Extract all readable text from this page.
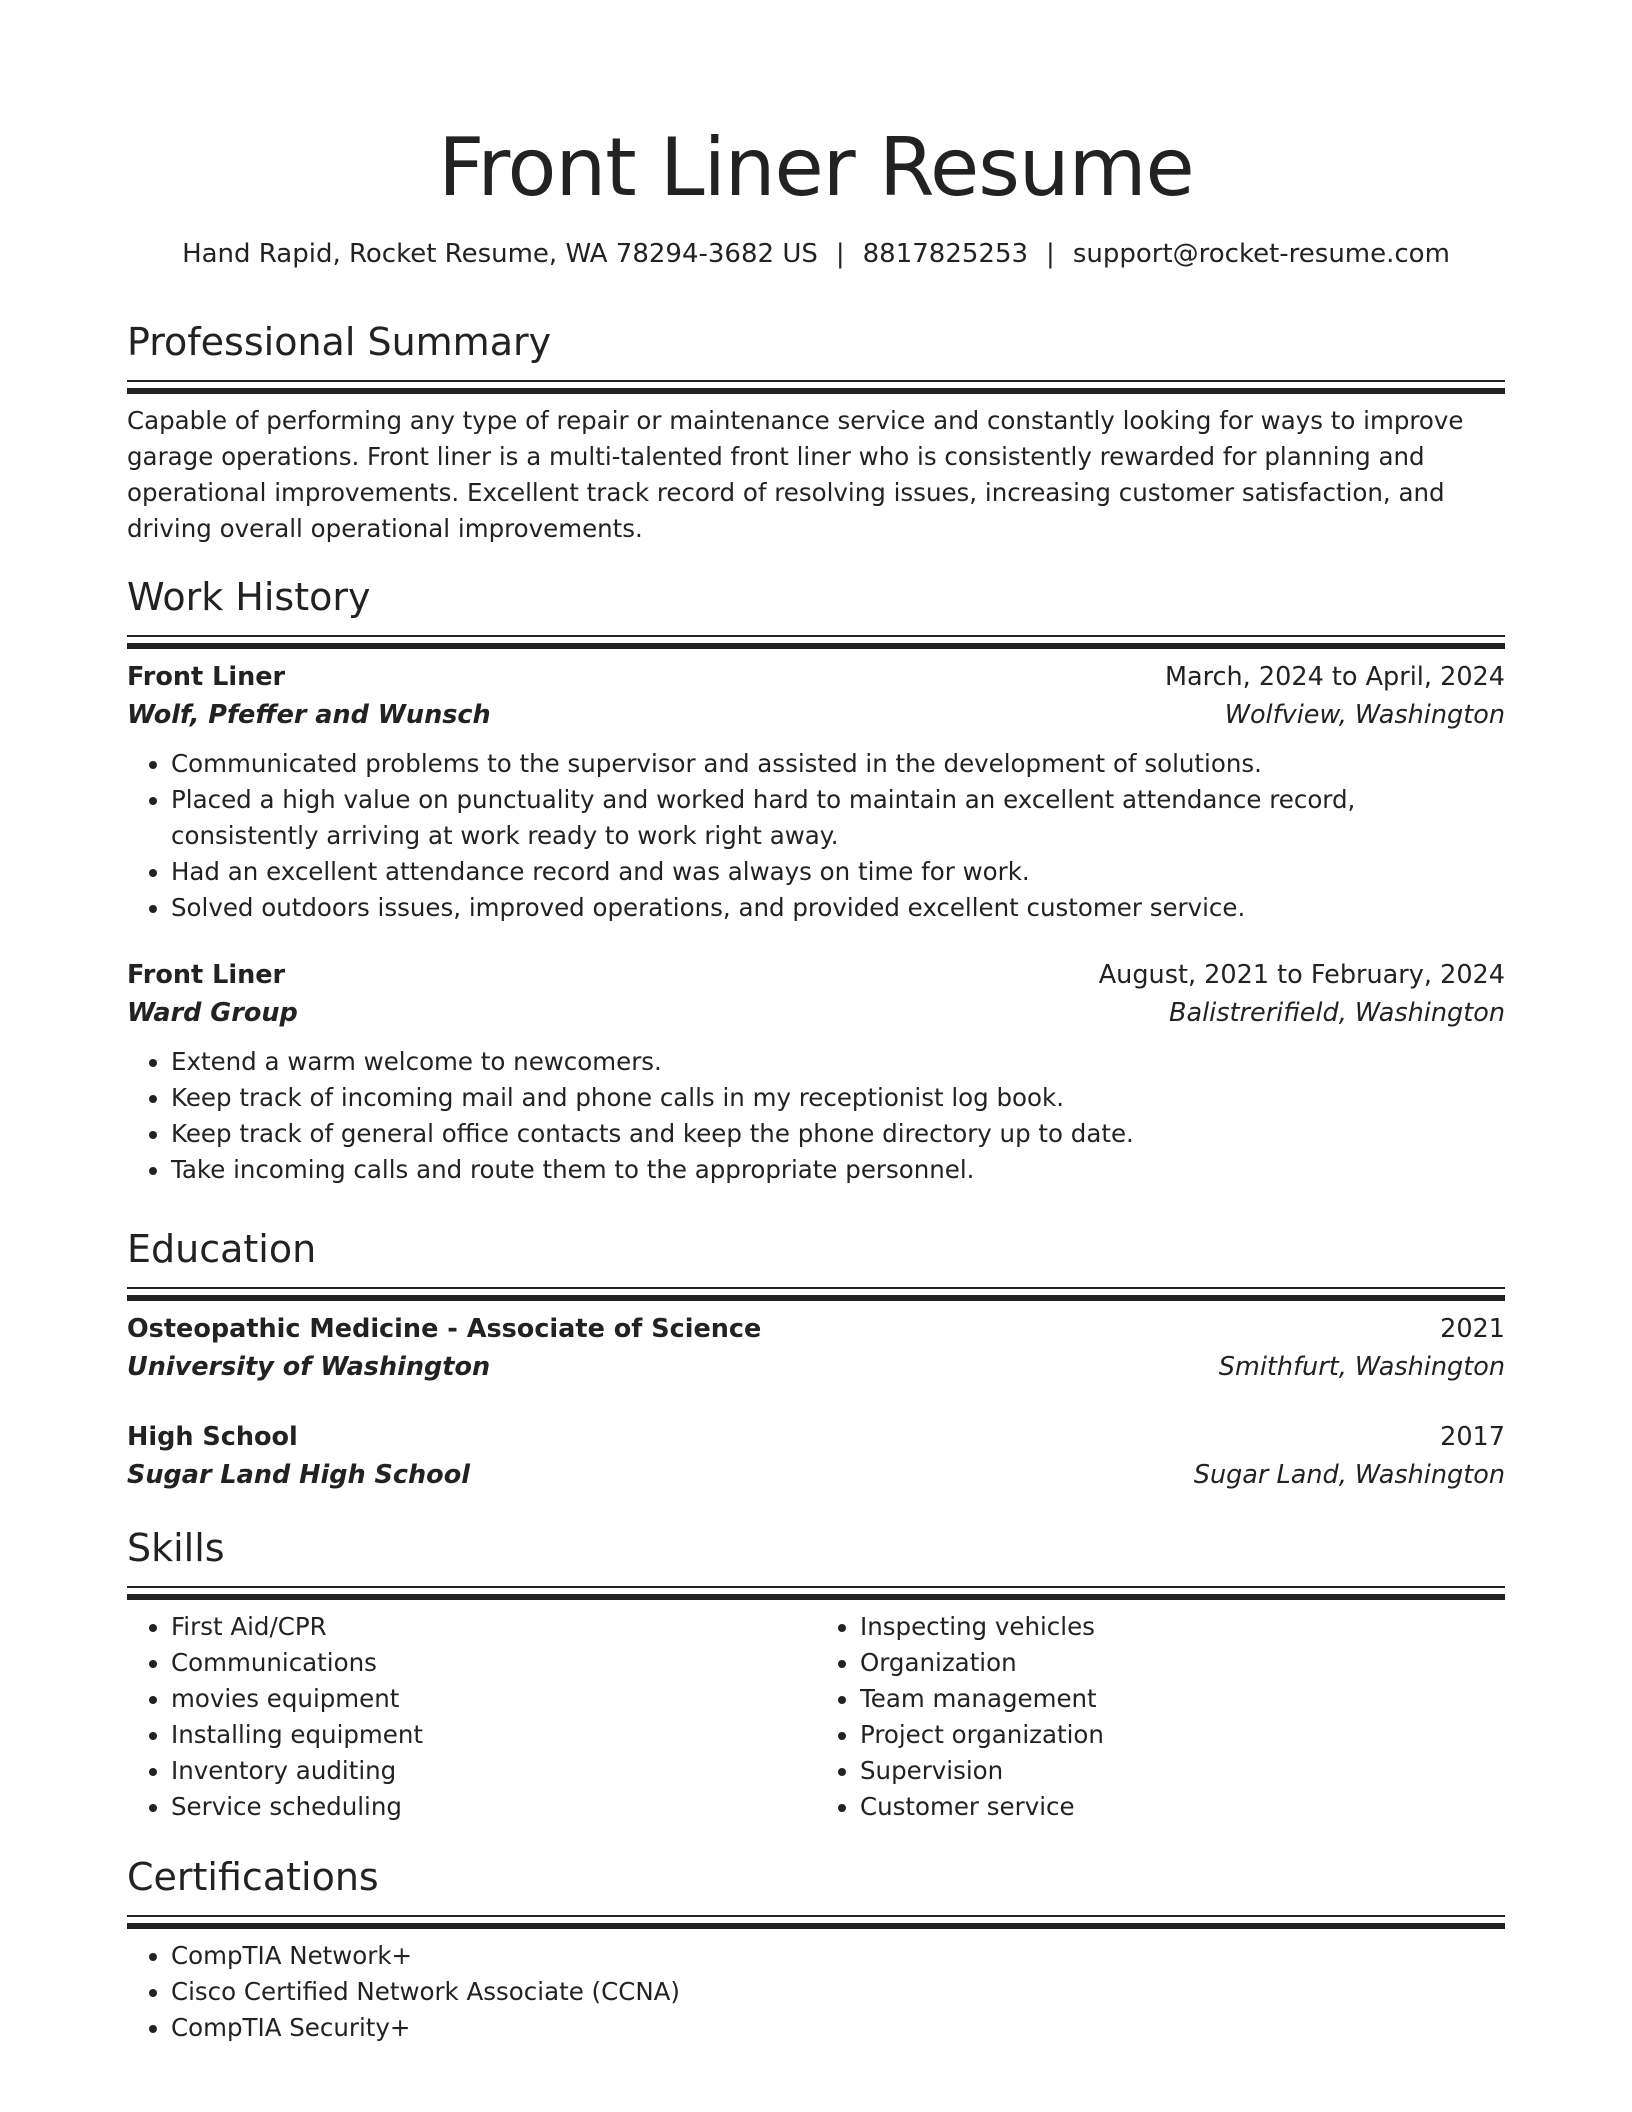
Front Liner Resume
Hand Rapid, Rocket Resume, WA 78294-3682 US | 8817825253 | support@rocket-resume.com
Professional Summary

Capable of performing any type of repair or maintenance service and constantly looking for ways to improve garage operations. Front liner is a multi-talented front liner who is consistently rewarded for planning and operational improvements. Excellent track record of resolving issues, increasing customer satisfaction, and driving overall operational improvements.

Work History
Front Liner	March, 2024 to April, 2024
Wolf, Pfeffer and Wunsch	Wolfview, Washington
• Communicated problems to the supervisor and assisted in the development of solutions.
• Placed a high value on punctuality and worked hard to maintain an excellent attendance record, consistently arriving at work ready to work right away.
• Had an excellent attendance record and was always on time for work.
• Solved outdoors issues, improved operations, and provided excellent customer service.
Front Liner	August, 2021 to February, 2024
Ward Group	Balistrerifield, Washington
• Extend a warm welcome to newcomers.
• Keep track of incoming mail and phone calls in my receptionist log book.
• Keep track of general office contacts and keep the phone directory up to date.
• Take incoming calls and route them to the appropriate personnel.
Education
Osteopathic Medicine - Associate of Science	2021
University of Washington	Smithfurt, Washington
High School	2017
Sugar Land High School	Sugar Land, Washington
Skills
• First Aid/CPR
• Communications
• movies equipment
• Installing equipment
• Inventory auditing
• Service scheduling
• Inspecting vehicles
• Organization
• Team management
• Project organization
• Supervision
• Customer service
Certifications
• CompTIA Network+
• Cisco Certified Network Associate (CCNA)
• CompTIA Security+
